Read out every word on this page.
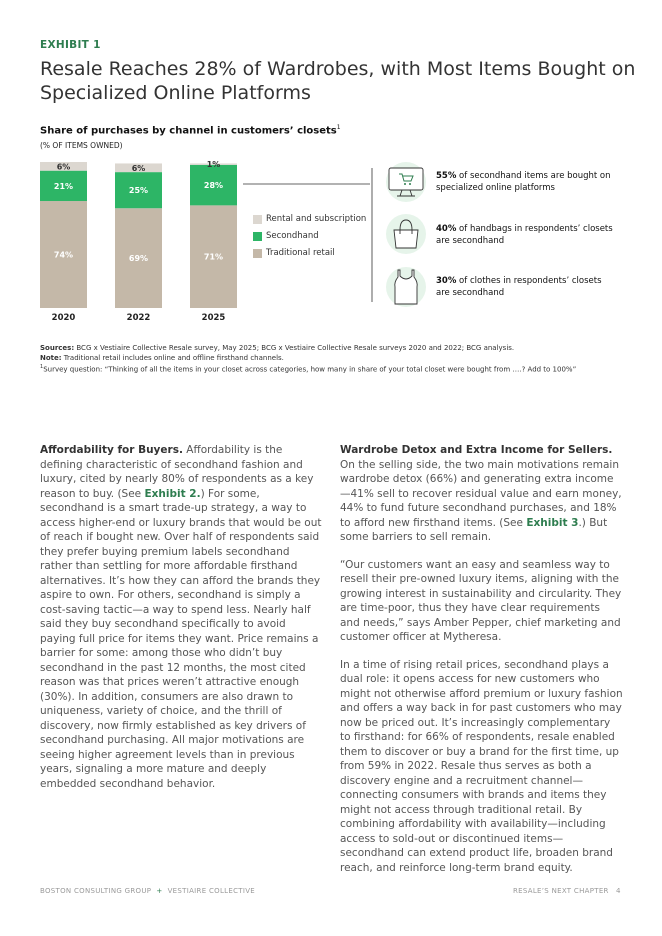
EXHIBIT 1
Resale Reaches 28% of Wardrobes, with Most Items Bought on Specialized Online Platforms
Share of purchases by channel in customers’ closets$^1$
(% OF ITEMS OWNED)
74%
21%
6%
2020
69%
25%
6%
2022
71%
28%
1%
2025
Rental and subscription
Secondhand
Traditional retail
55% of secondhand items are bought on specialized online platforms
40% of handbags in respondents’ closets are secondhand
30% of clothes in respondents’ closets are secondhand
Sources: BCG x Vestiaire Collective Resale survey, May 2025; BCG x Vestiaire Collective Resale surveys 2020 and 2022; BCG analysis.
Note: Traditional retail includes online and offline firsthand channels.
$^1$Survey question: “Thinking of all the items in your closet across categories, how many in share of your total closet were bought from ….? Add to 100%”

Affordability for Buyers. Affordability is the defining characteristic of secondhand fashion and luxury, cited by nearly 80% of respondents as a key reason to buy. (See Exhibit 2.) For some, secondhand is a smart trade-up strategy, a way to access higher-end or luxury brands that would be out of reach if bought new. Over half of respondents said they prefer buying premium labels secondhand rather than settling for more affordable firsthand alternatives. It’s how they can afford the brands they aspire to own. For others, secondhand is simply a cost-saving tactic—a way to spend less. Nearly half said they buy secondhand specifically to avoid paying full price for items they want. Price remains a barrier for some: among those who didn’t buy secondhand in the past 12 months, the most cited reason was that prices weren’t attractive enough (30%). In addition, consumers are also drawn to uniqueness, variety of choice, and the thrill of discovery, now firmly established as key drivers of secondhand purchasing. All major motivations are seeing higher agreement levels than in previous years, signaling a more mature and deeply embedded secondhand behavior.

Wardrobe Detox and Extra Income for Sellers. On the selling side, the two main motivations remain wardrobe detox (66%) and generating extra income—41% sell to recover residual value and earn money, 44% to fund future secondhand purchases, and 18% to afford new firsthand items. (See Exhibit 3.) But some barriers to sell remain.

“Our customers want an easy and seamless way to resell their pre-owned luxury items, aligning with the growing interest in sustainability and circularity. They are time-poor, thus they have clear requirements and needs,” says Amber Pepper, chief marketing and customer officer at Mytheresa.

In a time of rising retail prices, secondhand plays a dual role: it opens access for new customers who might not otherwise afford premium or luxury fashion and offers a way back in for past customers who may now be priced out. It’s increasingly complementary to firsthand: for 66% of respondents, resale enabled them to discover or buy a brand for the first time, up from 59% in 2022. Resale thus serves as both a discovery engine and a recruitment channel—connecting consumers with brands and items they might not access through traditional retail. By combining affordability with availability—including access to sold-out or discontinued items—secondhand can extend product life, broaden brand reach, and reinforce long-term brand equity.

BOSTON CONSULTING GROUP + VESTIAIRE COLLECTIVE	RESALE’S NEXT CHAPTER 4
